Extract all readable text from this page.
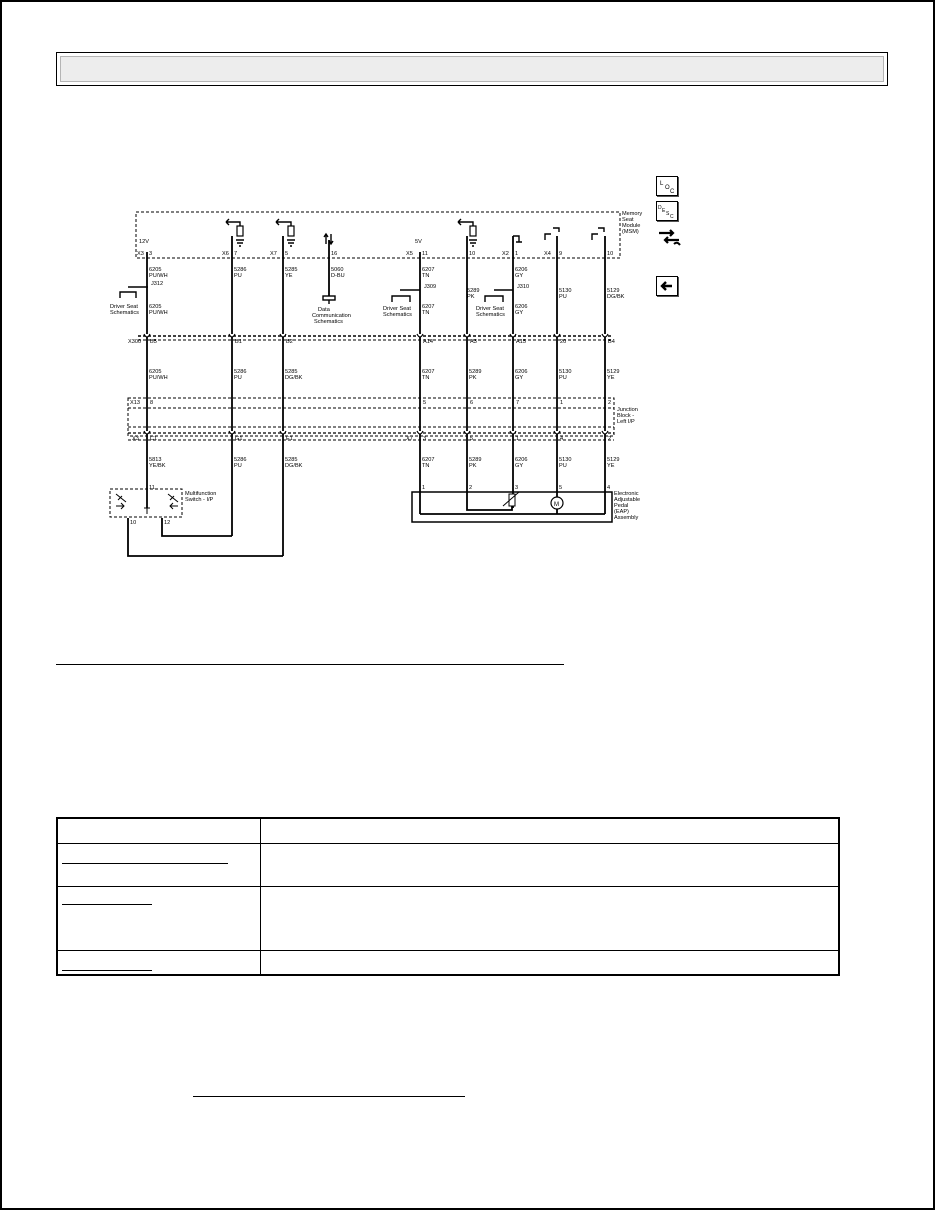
L
O
C
D E S C
M
Memory
Seat
Module
(MSM)
12V	5V
X3	X6	X7	X5	X2	X4
3	7	5	16	11	10	1	9	10
6205
PU/WH
5286
PU
5285
YE
5060
D-BU
6207
TN
6206
GY
J312	J309	J310
6205
PU/WH
6207
TN
5289
PK
6206
GY
5130
PU
5129
DG/BK
Driver Seat
Schematics	Data
Communication
Schematics
Driver Seat
Schematics
Driver Seat
Schematics
X300 B5	B1	B2	A14	A3	A15	20	B4
6205
PU/WH
5286
PU
5285
DG/BK
6207
TN
5289
PK
6206
GY
5130
PU
5129
YE
Junction
Block -
Left I/P
X13 8	5	6	7	1	2
X3 C1	G1	E1	X7 3	5	1	4	2
5813
YE/BK
5286
PU
5285
DG/BK
6207
TN
5289
PK
6206
GY
5130
PU
5129
YE
11
10	12
Multifunction
Switch - I/P
1	2	3	5	4
Electronic
Adjustable
Pedal
(EAP)
Assembly
